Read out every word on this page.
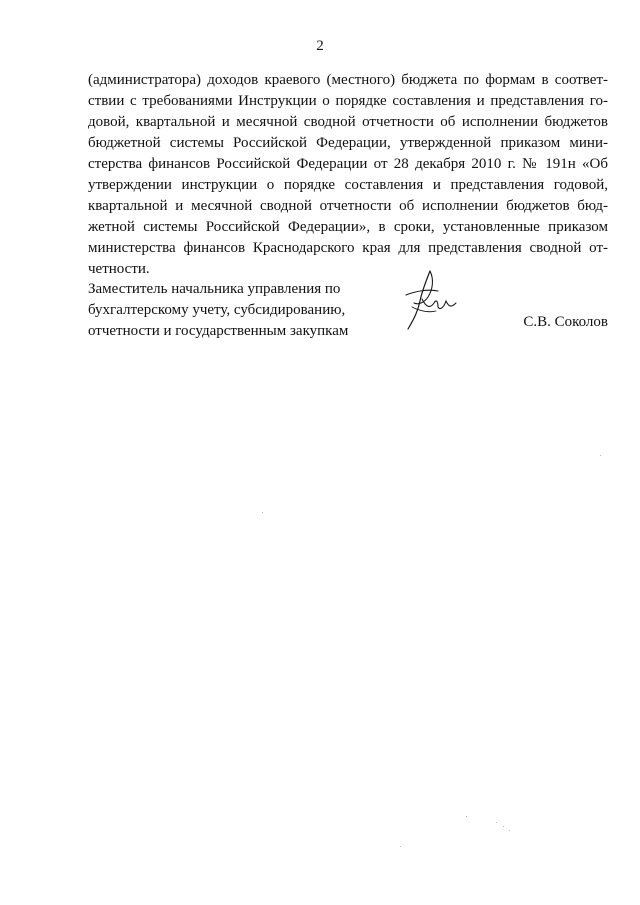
2
(администратора) доходов краевого (местного) бюджета по формам в соответ-
ствии с требованиями Инструкции о порядке составления и представления го-
довой, квартальной и месячной сводной отчетности об исполнении бюджетов
бюджетной системы Российской Федерации, утвержденной приказом мини-
стерства финансов Российской Федерации от 28 декабря 2010 г. № 191н «Об
утверждении инструкции о порядке составления и представления годовой,
квартальной и месячной сводной отчетности об исполнении бюджетов бюд-
жетной системы Российской Федерации», в сроки, установленные приказом
министерства финансов Краснодарского края для представления сводной от-
четности.
Заместитель начальника управления по
бухгалтерскому учету, субсидированию,
отчетности и государственным закупкам
С.В. Соколов
